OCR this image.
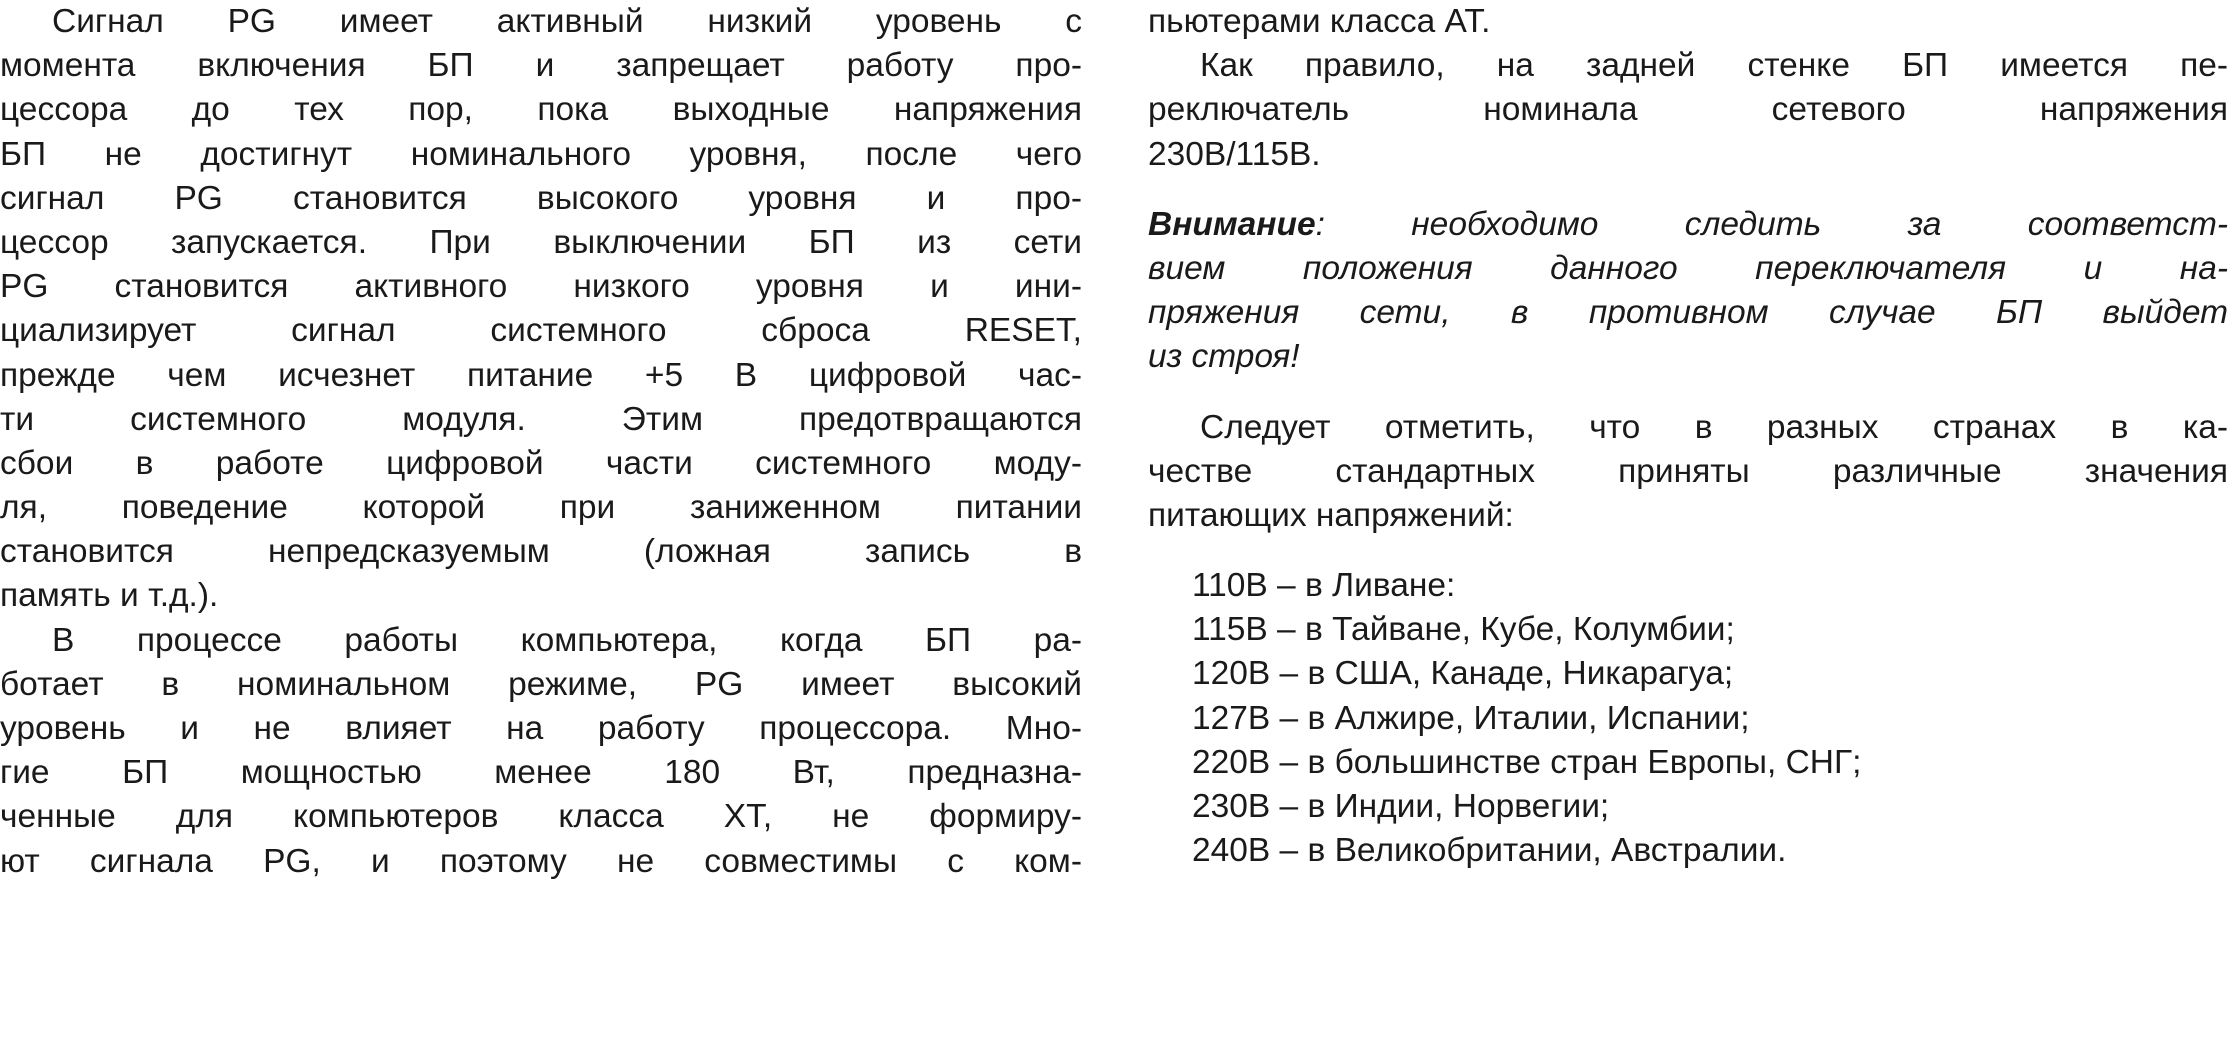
Сигнал PG имеет активный низкий уровень с
момента включения БП и запрещает работу про-
цессора до тех пор, пока выходные напряжения
БП не достигнут номинального уровня, после чего
сигнал PG становится высокого уровня и про-
цессор запускается. При выключении БП из сети
PG становится активного низкого уровня и ини-
циализирует сигнал системного сброса RESET,
прежде чем исчезнет питание +5 В цифровой час-
ти системного модуля. Этим предотвращаются
сбои в работе цифровой части системного моду-
ля, поведение которой при заниженном питании
становится непредсказуемым (ложная запись в
память и т.д.).
В процессе работы компьютера, когда БП ра-
ботает в номинальном режиме, PG имеет высокий
уровень и не влияет на работу процессора. Мно-
гие БП мощностью менее 180 Вт, предназна-
ченные для компьютеров класса XT, не формиру-
ют сигнала PG, и поэтому не совместимы с ком-
пьютерами класса AT.
Как правило, на задней стенке БП имеется пе-
реключатель номинала сетевого напряжения
230В/115В.
Внимание: необходимо следить за соответст-
вием положения данного переключателя и на-
пряжения сети, в противном случае БП выйдет
из строя!
Следует отметить, что в разных странах в ка-
честве стандартных приняты различные значения
питающих напряжений:
110В – в Ливане:
115В – в Тайване, Кубе, Колумбии;
120В – в США, Канаде, Никарагуа;
127В – в Алжире, Италии, Испании;
220В – в большинстве стран Европы, СНГ;
230В – в Индии, Норвегии;
240В – в Великобритании, Австралии.
